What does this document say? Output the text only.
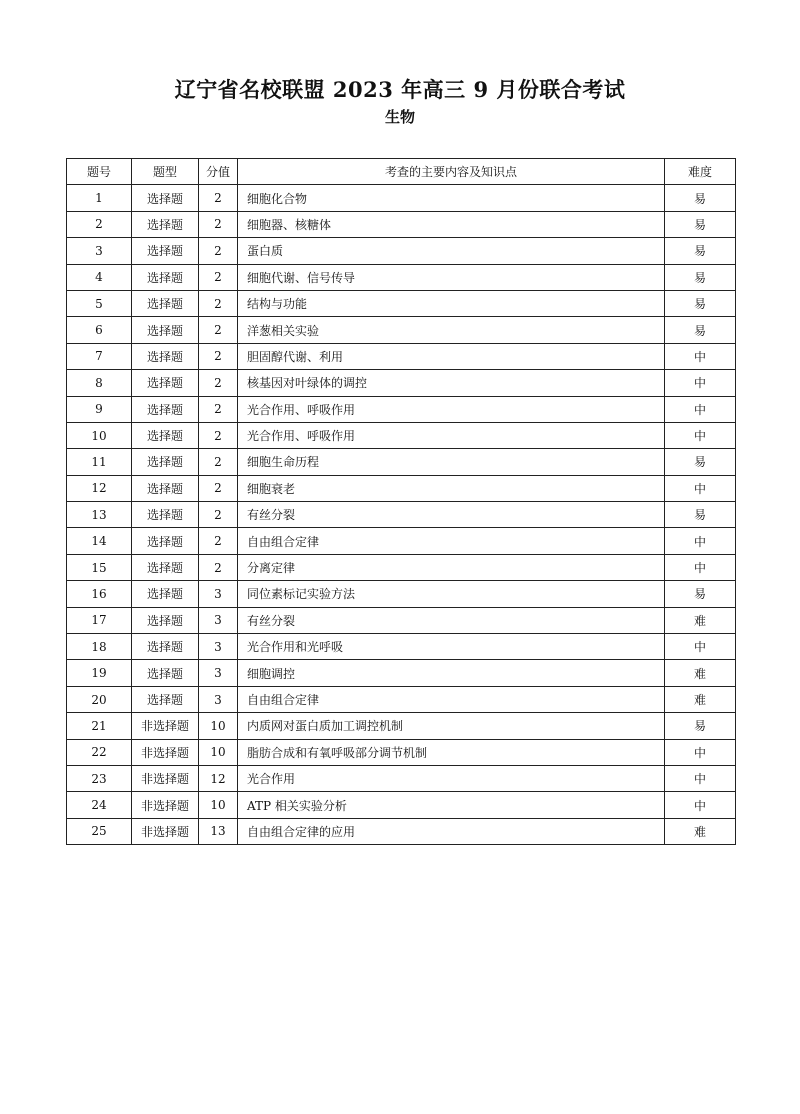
辽宁省名校联盟 2023 年高三 9 月份联合考试
生物
题号	题型	分值	考查的主要内容及知识点	难度
1	选择题	2	细胞化合物	易
2	选择题	2	细胞器、核糖体	易
3	选择题	2	蛋白质	易
4	选择题	2	细胞代谢、信号传导	易
5	选择题	2	结构与功能	易
6	选择题	2	洋葱相关实验	易
7	选择题	2	胆固醇代谢、利用	中
8	选择题	2	核基因对叶绿体的调控	中
9	选择题	2	光合作用、呼吸作用	中
10	选择题	2	光合作用、呼吸作用	中
11	选择题	2	细胞生命历程	易
12	选择题	2	细胞衰老	中
13	选择题	2	有丝分裂	易
14	选择题	2	自由组合定律	中
15	选择题	2	分离定律	中
16	选择题	3	同位素标记实验方法	易
17	选择题	3	有丝分裂	难
18	选择题	3	光合作用和光呼吸	中
19	选择题	3	细胞调控	难
20	选择题	3	自由组合定律	难
21	非选择题	10	内质网对蛋白质加工调控机制	易
22	非选择题	10	脂肪合成和有氧呼吸部分调节机制	中
23	非选择题	12	光合作用	中
24	非选择题	10	ATP 相关实验分析	中
25	非选择题	13	自由组合定律的应用	难
